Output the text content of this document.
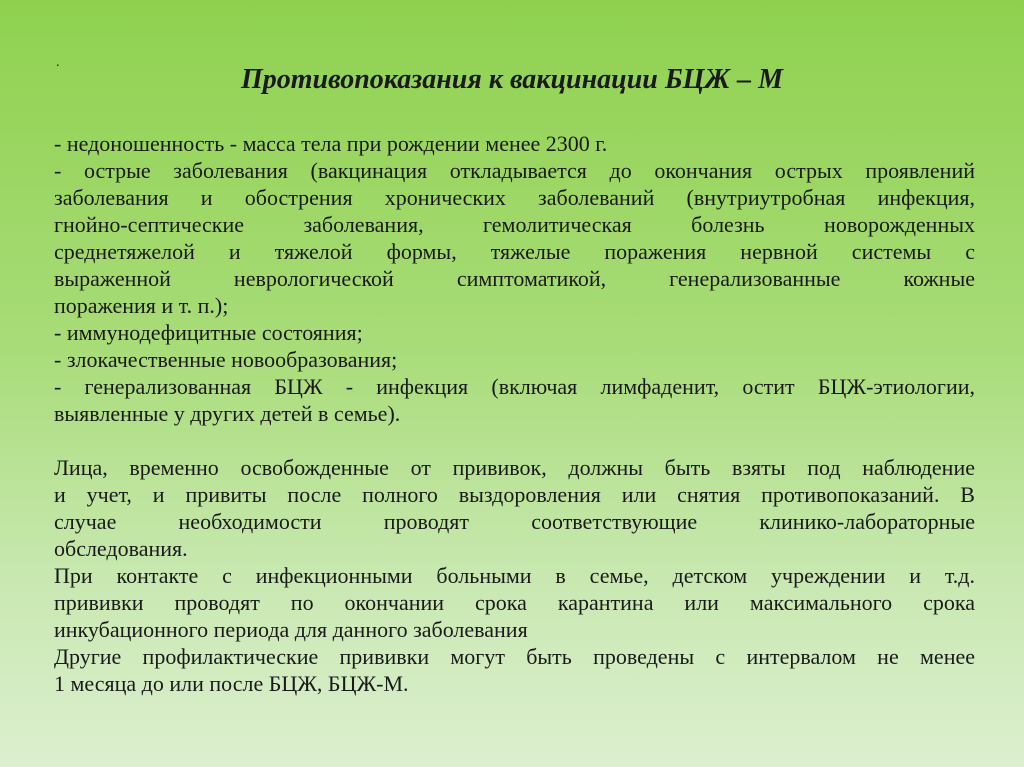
.
Противопоказания к вакцинации БЦЖ – М
- недоношенность - масса тела при рождении менее 2300 г.
- острые заболевания (вакцинация откладывается до окончания острых проявлений
заболевания и обострения хронических заболеваний (внутриутробная инфекция,
гнойно-септические заболевания, гемолитическая болезнь новорожденных
среднетяжелой и тяжелой формы, тяжелые поражения нервной системы с
выраженной неврологической симптоматикой, генерализованные кожные
поражения и т. п.);
- иммунодефицитные состояния;
- злокачественные новообразования;
- генерализованная БЦЖ - инфекция (включая лимфаденит, остит БЦЖ-этиологии,
выявленные у других детей в семье).
Лица, временно освобожденные от прививок, должны быть взяты под наблюдение
и учет, и привиты после полного выздоровления или снятия противопоказаний. В
случае необходимости проводят соответствующие клинико-лабораторные
обследования.
При контакте с инфекционными больными в семье, детском учреждении и т.д.
прививки проводят по окончании срока карантина или максимального срока
инкубационного периода для данного заболевания
Другие профилактические прививки могут быть проведены с интервалом не менее
1 месяца до или после БЦЖ, БЦЖ-М.
